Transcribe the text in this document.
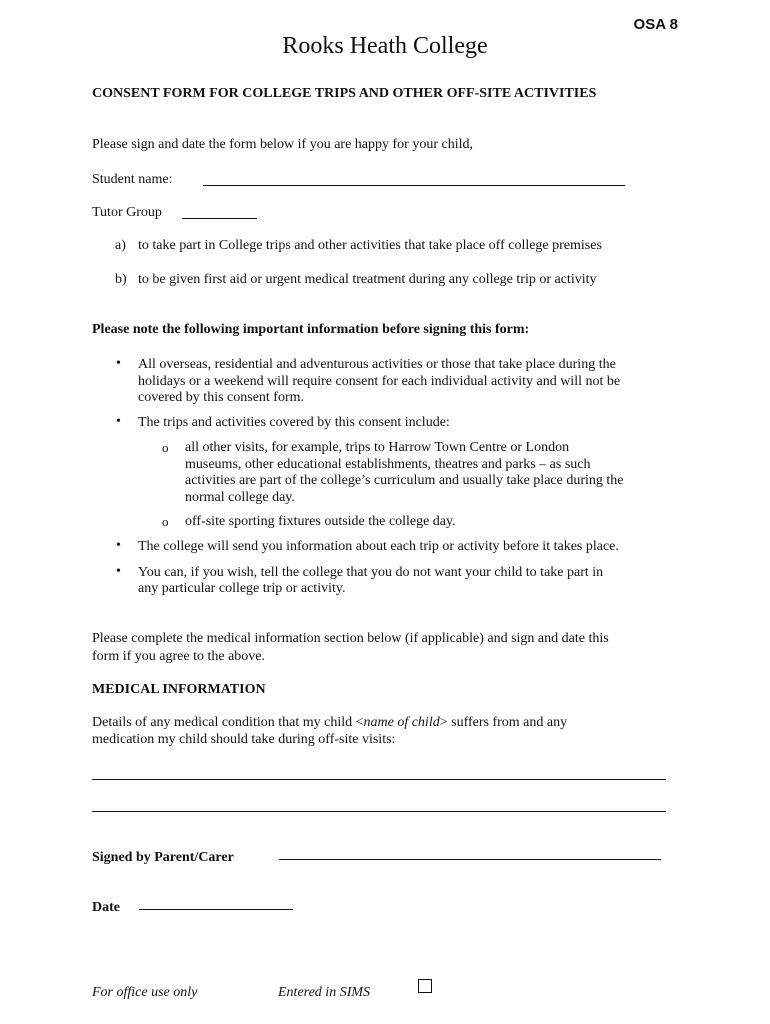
OSA 8
Rooks Heath College
CONSENT FORM FOR COLLEGE TRIPS AND OTHER OFF-SITE ACTIVITIES
Please sign and date the form below if you are happy for your child,
Student name:
Tutor Group
a) to take part in College trips and other activities that take place off college premises
b) to be given first aid or urgent medical treatment during any college trip or activity
Please note the following important information before signing this form:
• All overseas, residential and adventurous activities or those that take place during the
holidays or a weekend will require consent for each individual activity and will not be
covered by this consent form.
• The trips and activities covered by this consent include:
o all other visits, for example, trips to Harrow Town Centre or London
museums, other educational establishments, theatres and parks – as such
activities are part of the college’s curriculum and usually take place during the
normal college day.
o off-site sporting fixtures outside the college day.
• The college will send you information about each trip or activity before it takes place.
• You can, if you wish, tell the college that you do not want your child to take part in
any particular college trip or activity.
Please complete the medical information section below (if applicable) and sign and date this
form if you agree to the above.
MEDICAL INFORMATION
Details of any medical condition that my child <name of child> suffers from and any
medication my child should take during off-site visits:
Signed by Parent/Carer
Date
For office use only	Entered in SIMS
